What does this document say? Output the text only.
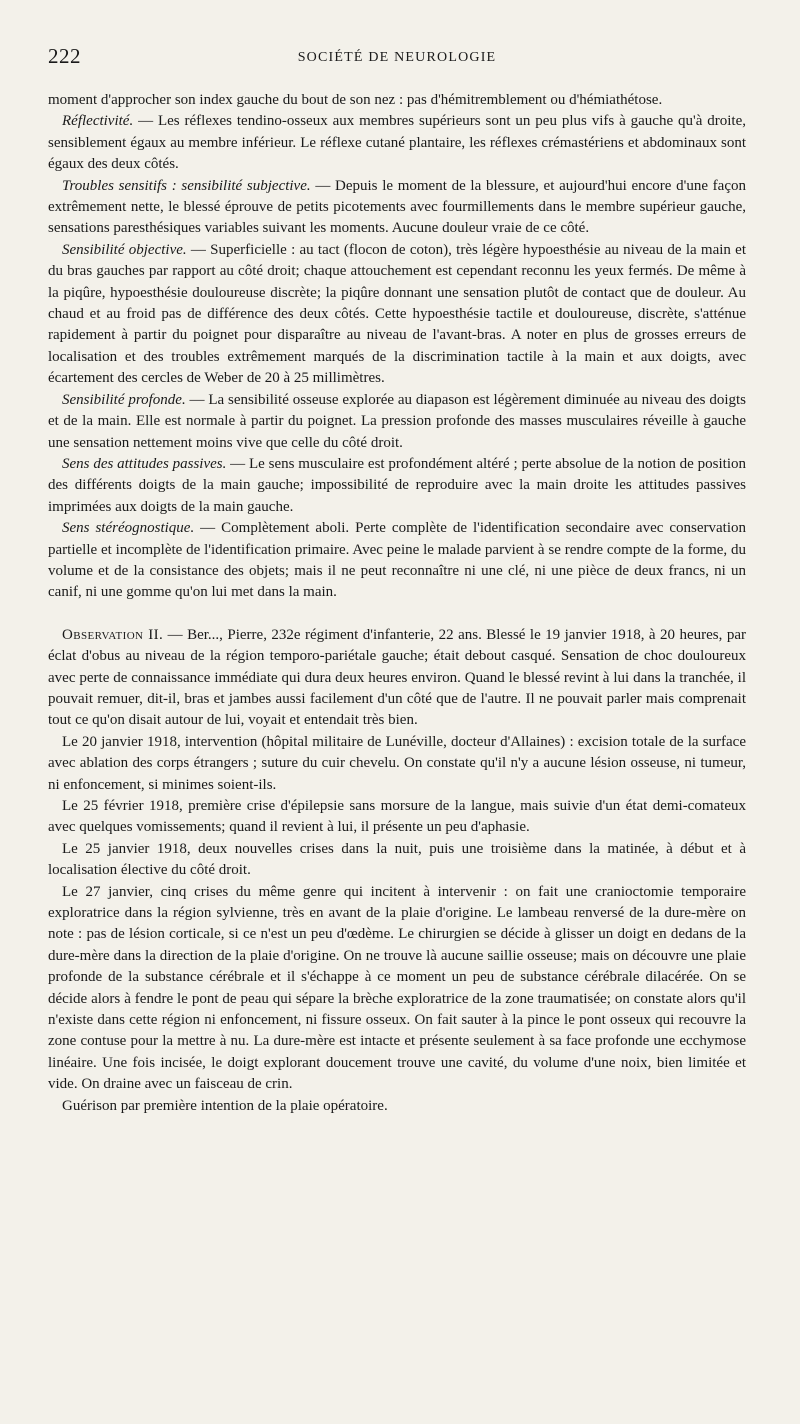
222	SOCIÉTÉ DE NEUROLOGIE

moment d'approcher son index gauche du bout de son nez : pas d'hémitremblement ou d'hémiathétose.

Réflectivité. — Les réflexes tendino-osseux aux membres supérieurs sont un peu plus vifs à gauche qu'à droite, sensiblement égaux au membre inférieur. Le réflexe cutané plantaire, les réflexes crémastériens et abdominaux sont égaux des deux côtés.

Troubles sensitifs : sensibilité subjective. — Depuis le moment de la blessure, et aujourd'hui encore d'une façon extrêmement nette, le blessé éprouve de petits picotements avec fourmillements dans le membre supérieur gauche, sensations paresthésiques variables suivant les moments. Aucune douleur vraie de ce côté.

Sensibilité objective. — Superficielle : au tact (flocon de coton), très légère hypoesthésie au niveau de la main et du bras gauches par rapport au côté droit; chaque attouchement est cependant reconnu les yeux fermés. De même à la piqûre, hypoesthésie douloureuse discrète; la piqûre donnant une sensation plutôt de contact que de douleur. Au chaud et au froid pas de différence des deux côtés. Cette hypoesthésie tactile et douloureuse, discrète, s'atténue rapidement à partir du poignet pour disparaître au niveau de l'avant-bras. A noter en plus de grosses erreurs de localisation et des troubles extrêmement marqués de la discrimination tactile à la main et aux doigts, avec écartement des cercles de Weber de 20 à 25 millimètres.

Sensibilité profonde. — La sensibilité osseuse explorée au diapason est légèrement diminuée au niveau des doigts et de la main. Elle est normale à partir du poignet. La pression profonde des masses musculaires réveille à gauche une sensation nettement moins vive que celle du côté droit.

Sens des attitudes passives. — Le sens musculaire est profondément altéré ; perte absolue de la notion de position des différents doigts de la main gauche; impossibilité de reproduire avec la main droite les attitudes passives imprimées aux doigts de la main gauche.

Sens stéréognostique. — Complètement aboli. Perte complète de l'identification secondaire avec conservation partielle et incomplète de l'identification primaire. Avec peine le malade parvient à se rendre compte de la forme, du volume et de la consistance des objets; mais il ne peut reconnaître ni une clé, ni une pièce de deux francs, ni un canif, ni une gomme qu'on lui met dans la main.

Observation II. — Ber..., Pierre, 232e régiment d'infanterie, 22 ans. Blessé le 19 janvier 1918, à 20 heures, par éclat d'obus au niveau de la région temporo-pariétale gauche; était debout casqué. Sensation de choc douloureux avec perte de connaissance immédiate qui dura deux heures environ. Quand le blessé revint à lui dans la tranchée, il pouvait remuer, dit-il, bras et jambes aussi facilement d'un côté que de l'autre. Il ne pouvait parler mais comprenait tout ce qu'on disait autour de lui, voyait et entendait très bien.

Le 20 janvier 1918, intervention (hôpital militaire de Lunéville, docteur d'Allaines) : excision totale de la surface avec ablation des corps étrangers ; suture du cuir chevelu. On constate qu'il n'y a aucune lésion osseuse, ni tumeur, ni enfoncement, si minimes soient-ils.

Le 25 février 1918, première crise d'épilepsie sans morsure de la langue, mais suivie d'un état demi-comateux avec quelques vomissements; quand il revient à lui, il présente un peu d'aphasie.

Le 25 janvier 1918, deux nouvelles crises dans la nuit, puis une troisième dans la matinée, à début et à localisation élective du côté droit.

Le 27 janvier, cinq crises du même genre qui incitent à intervenir : on fait une cranioctomie temporaire exploratrice dans la région sylvienne, très en avant de la plaie d'origine. Le lambeau renversé de la dure-mère on note : pas de lésion corticale, si ce n'est un peu d'œdème. Le chirurgien se décide à glisser un doigt en dedans de la dure-mère dans la direction de la plaie d'origine. On ne trouve là aucune saillie osseuse; mais on découvre une plaie profonde de la substance cérébrale et il s'échappe à ce moment un peu de substance cérébrale dilacérée. On se décide alors à fendre le pont de peau qui sépare la brèche exploratrice de la zone traumatisée; on constate alors qu'il n'existe dans cette région ni enfoncement, ni fissure osseux. On fait sauter à la pince le pont osseux qui recouvre la zone contuse pour la mettre à nu. La dure-mère est intacte et présente seulement à sa face profonde une ecchymose linéaire. Une fois incisée, le doigt explorant doucement trouve une cavité, du volume d'une noix, bien limitée et vide. On draine avec un faisceau de crin.

Guérison par première intention de la plaie opératoire.
